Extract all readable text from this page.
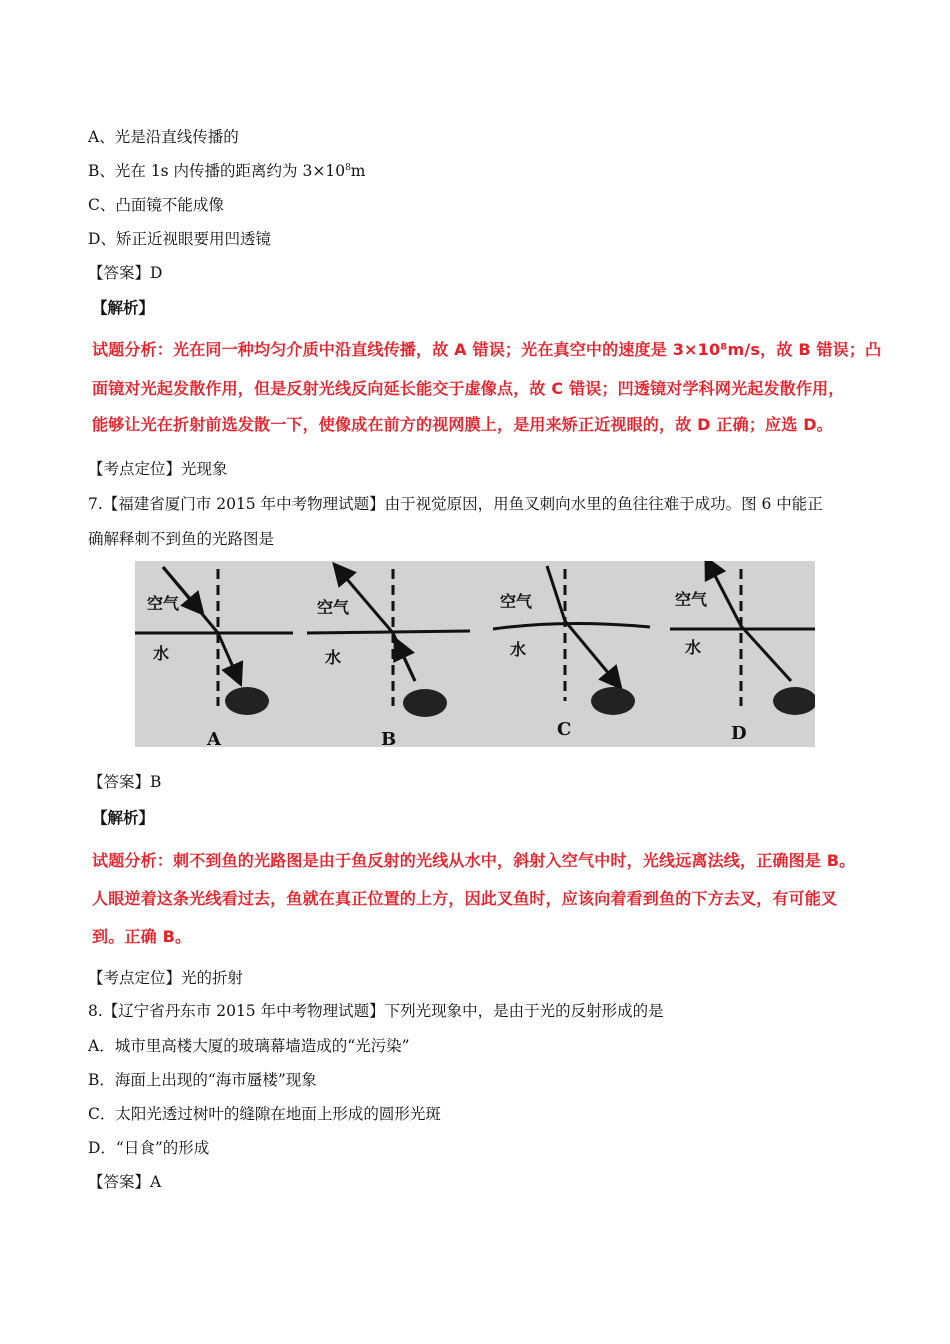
A、光是沿直线传播的
B、光在 1s 内传播的距离约为 $3\times 10^8m$
C、凸面镜不能成像
D、矫正近视眼要用凹透镜
【答案】D
【解析】
试题分析：光在同一种均匀介质中沿直线传播，故 A 错误；光在真空中的速度是 3×10⁸m/s，故 B 错误；凸
面镜对光起发散作用，但是反射光线反向延长能交于虚像点，故 C 错误；凹透镜对学科网光起发散作用，
能够让光在折射前选发散一下，使像成在前方的视网膜上，是用来矫正近视眼的，故 D 正确；应选 D。
【考点定位】光现象
7.【福建省厦门市 2015 年中考物理试题】由于视觉原因，用鱼叉刺向水里的鱼往往难于成功。图 6 中能正
确解释刺不到鱼的光路图是
空气
水
空气
水
空气
水
空气
水
A	B	C	D
【答案】B
【解析】
试题分析：刺不到鱼的光路图是由于鱼反射的光线从水中，斜射入空气中时，光线远离法线，正确图是 B。
人眼逆着这条光线看过去，鱼就在真正位置的上方，因此叉鱼时，应该向着看到鱼的下方去叉，有可能叉
到。正确 B。
【考点定位】光的折射
8.【辽宁省丹东市 2015 年中考物理试题】下列光现象中，是由于光的反射形成的是
A．城市里高楼大厦的玻璃幕墙造成的“光污染”
B．海面上出现的“海市蜃楼”现象
C．太阳光透过树叶的缝隙在地面上形成的圆形光斑
D．“日食”的形成
【答案】A
